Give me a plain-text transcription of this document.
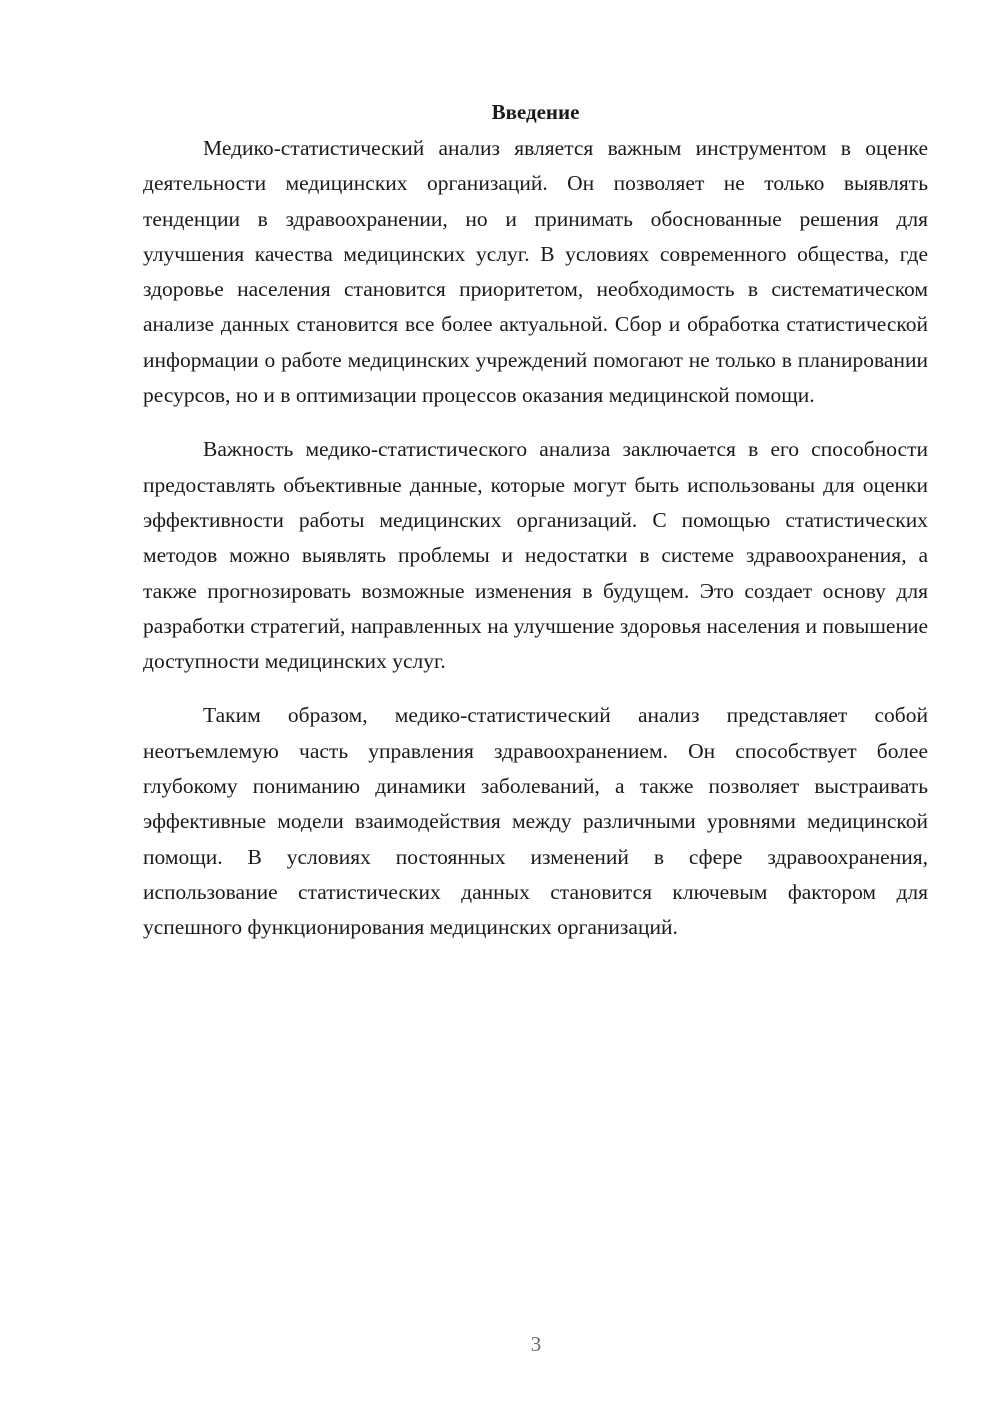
Введение

Медико-статистический анализ является важным инструментом в оценке деятельности медицинских организаций. Он позволяет не только выявлять тенденции в здравоохранении, но и принимать обоснованные решения для улучшения качества медицинских услуг. В условиях современного общества, где здоровье населения становится приоритетом, необходимость в систематическом анализе данных становится все более актуальной. Сбор и обработка статистической информации о работе медицинских учреждений помогают не только в планировании ресурсов, но и в оптимизации процессов оказания медицинской помощи.

Важность медико-статистического анализа заключается в его способности предоставлять объективные данные, которые могут быть использованы для оценки эффективности работы медицинских организаций. С помощью статистических методов можно выявлять проблемы и недостатки в системе здравоохранения, а также прогнозировать возможные изменения в будущем. Это создает основу для разработки стратегий, направленных на улучшение здоровья населения и повышение доступности медицинских услуг.

Таким образом, медико-статистический анализ представляет собой неотъемлемую часть управления здравоохранением. Он способствует более глубокому пониманию динамики заболеваний, а также позволяет выстраивать эффективные модели взаимодействия между различными уровнями медицинской помощи. В условиях постоянных изменений в сфере здравоохранения, использование статистических данных становится ключевым фактором для успешного функционирования медицинских организаций.

3
